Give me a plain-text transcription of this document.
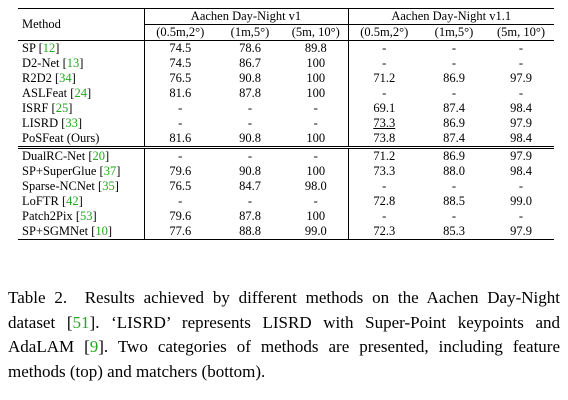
Method	Aachen Day-Night v1			Aachen Day-Night v1.1		
	(0.5m,2°)	(1m,5°)	(5m, 10°)	(0.5m,2°)	(1m,5°)	(5m, 10°)
SP [12]	74.5	78.6	89.8	-	-	-
D2-Net [13]	74.5	86.7	100	-	-	-
R2D2 [34]	76.5	90.8	100	71.2	86.9	97.9
ASLFeat [24]	81.6	87.8	100	-	-	-
ISRF [25]	-	-	-	69.1	87.4	98.4
LISRD [33]	-	-	-	73.3	86.9	97.9
PoSFeat (Ours)	81.6	90.8	100	73.8	87.4	98.4
DualRC-Net [20]	-	-	-	71.2	86.9	97.9
SP+SuperGlue [37]	79.6	90.8	100	73.3	88.0	98.4
Sparse-NCNet [35]	76.5	84.7	98.0	-	-	-
LoFTR [42]	-	-	-	72.8	88.5	99.0
Patch2Pix [53]	79.6	87.8	100	-	-	-
SP+SGMNet [10]	77.6	88.8	99.0	72.3	85.3	97.9
Table 2. Results achieved by different methods on the Aachen Day-Night dataset [51]. ‘LISRD’ represents LISRD with Super-Point keypoints and AdaLAM [9]. Two categories of methods are presented, including feature methods (top) and matchers (bottom).
